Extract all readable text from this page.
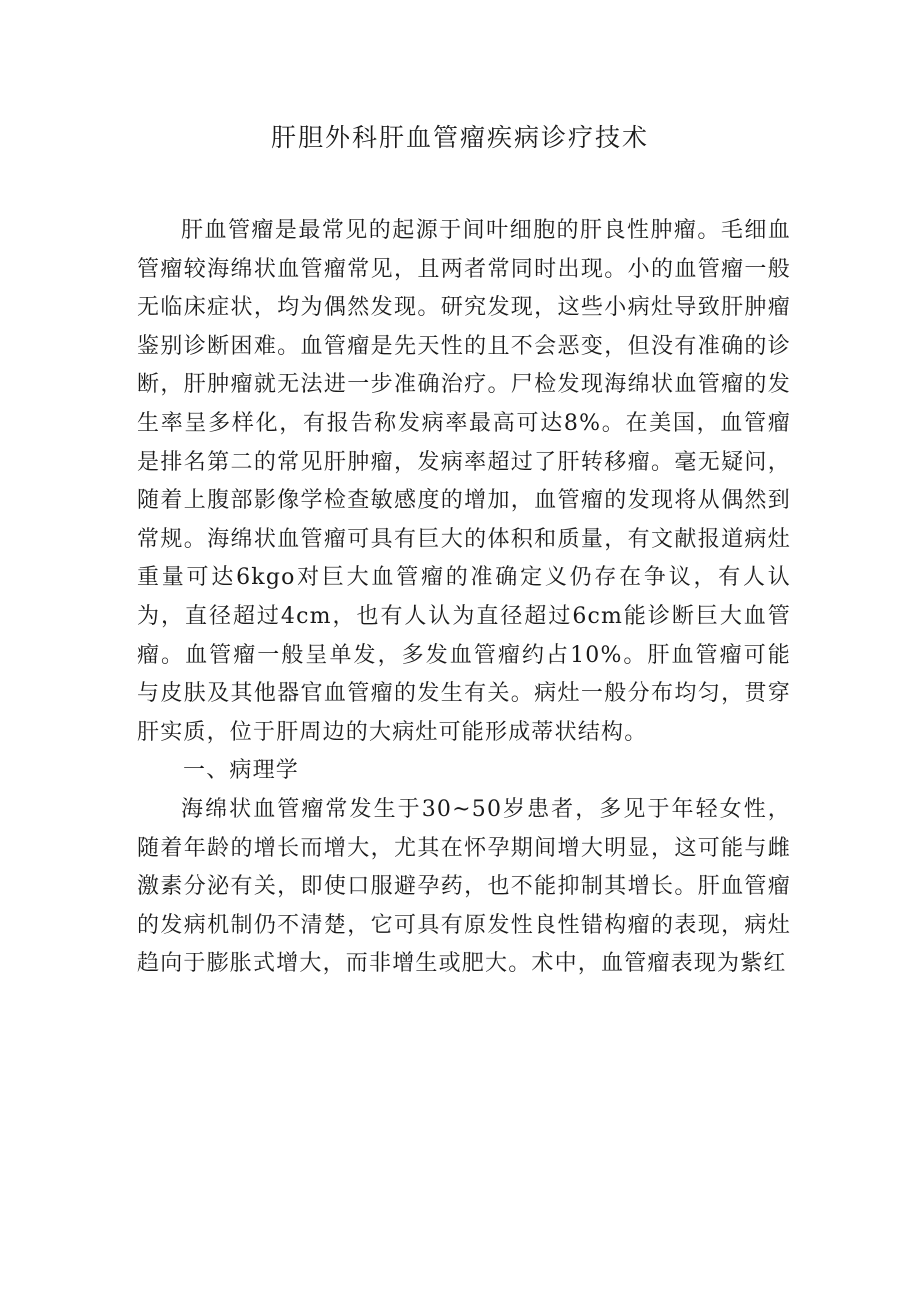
肝胆外科肝血管瘤疾病诊疗技术

肝血管瘤是最常见的起源于间叶细胞的肝良性肿瘤。毛细血管瘤较海绵状血管瘤常见，且两者常同时出现。小的血管瘤一般无临床症状，均为偶然发现。研究发现，这些小病灶导致肝肿瘤鉴别诊断困难。血管瘤是先天性的且不会恶变，但没有准确的诊断，肝肿瘤就无法进一步准确治疗。尸检发现海绵状血管瘤的发生率呈多样化，有报告称发病率最高可达8%。在美国，血管瘤是排名第二的常见肝肿瘤，发病率超过了肝转移瘤。毫无疑问，随着上腹部影像学检查敏感度的增加，血管瘤的发现将从偶然到常规。海绵状血管瘤可具有巨大的体积和质量，有文献报道病灶重量可达6kgo对巨大血管瘤的准确定义仍存在争议，有人认为，直径超过4cm，也有人认为直径超过6cm能诊断巨大血管瘤。血管瘤一般呈单发，多发血管瘤约占10%。肝血管瘤可能与皮肤及其他器官血管瘤的发生有关。病灶一般分布均匀，贯穿肝实质，位于肝周边的大病灶可能形成蒂状结构。

一、病理学

海绵状血管瘤常发生于30~50岁患者，多见于年轻女性，随着年龄的增长而增大，尤其在怀孕期间增大明显，这可能与雌激素分泌有关，即使口服避孕药，也不能抑制其增长。肝血管瘤的发病机制仍不清楚，它可具有原发性良性错构瘤的表现，病灶趋向于膨胀式增大，而非增生或肥大。术中，血管瘤表现为紫红
